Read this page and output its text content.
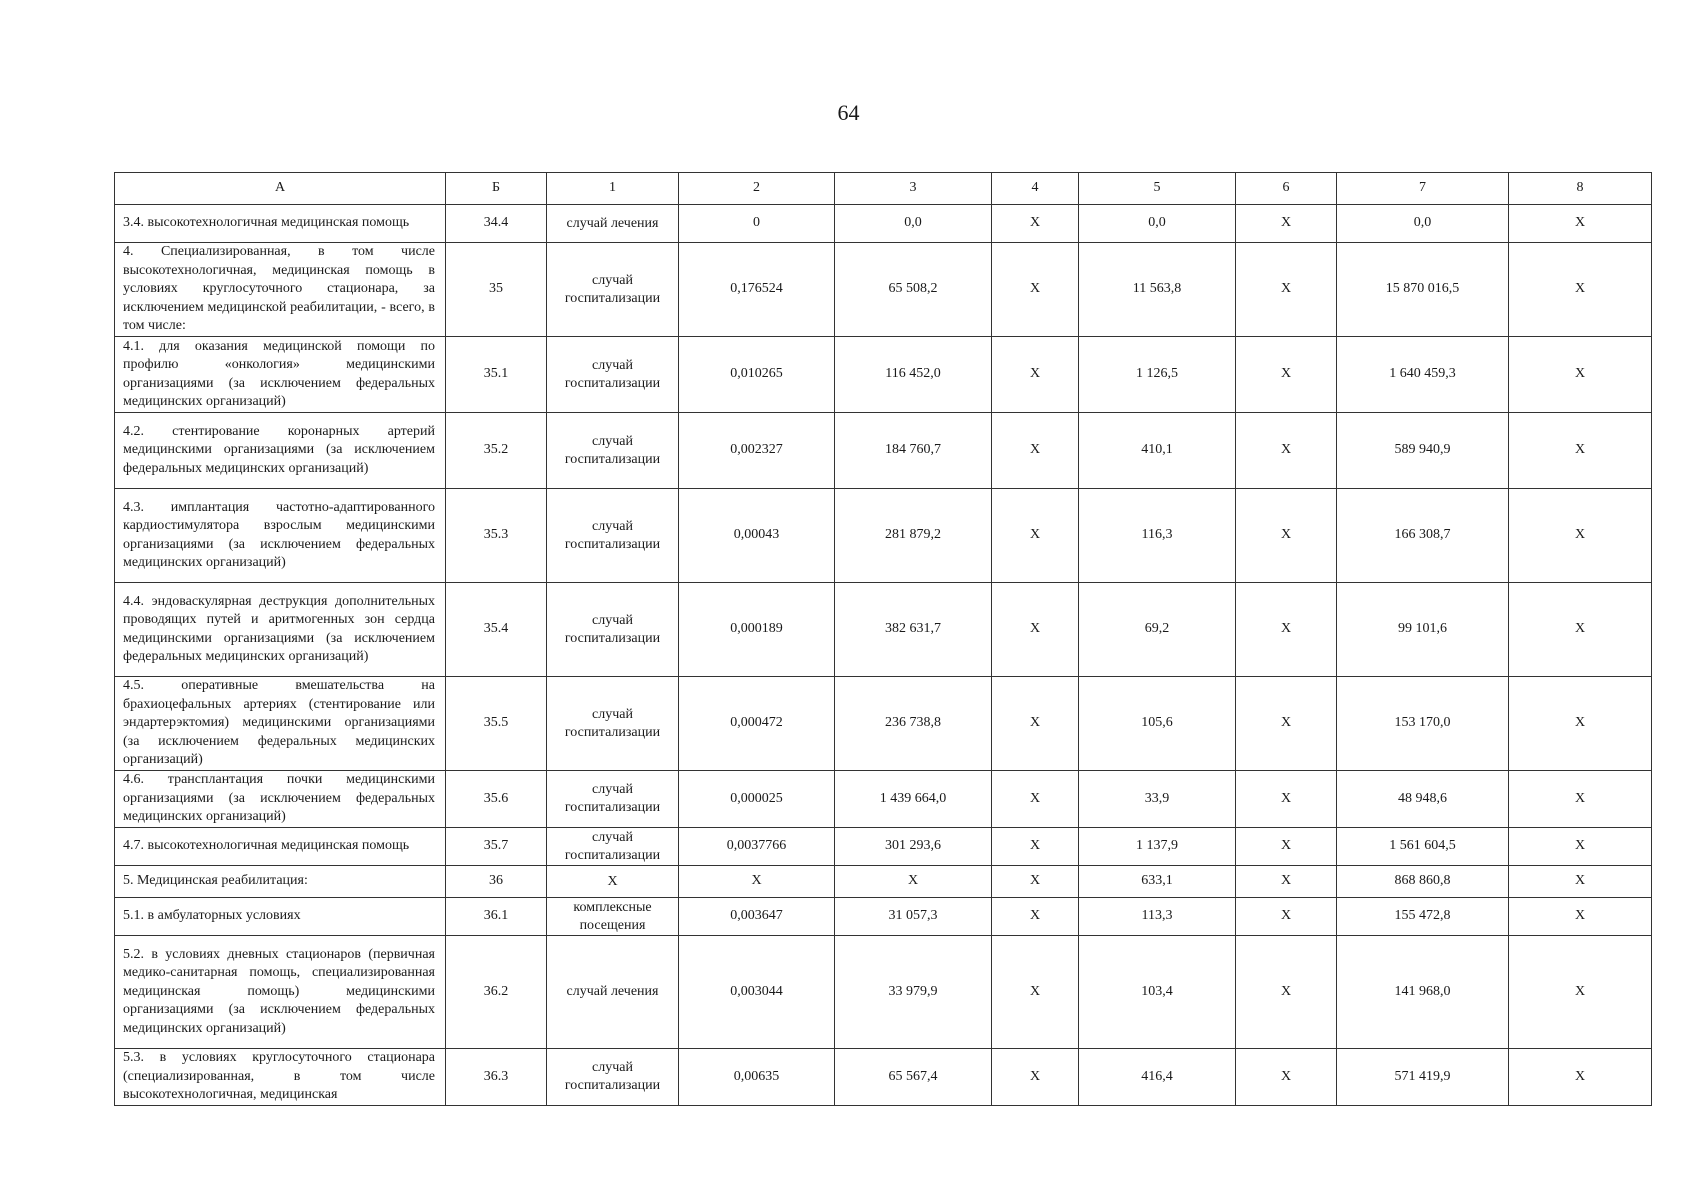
64
А	Б	1	2	3	4	5	6	7	8
3.4. высокотехнологичная медицинская помощь	34.4	случай лечения	0	0,0	Х	0,0	Х	0,0	Х
4. Специализированная, в том числе высокотехнологичная, медицинская помощь в условиях круглосуточного стационара, за исключением медицинской реабилитации, - всего, в том числе:	35	случай госпитализации	0,176524	65 508,2	Х	11 563,8	Х	15 870 016,5	Х
4.1. для оказания медицинской помощи по профилю «онкология» медицинскими организациями (за исключением федеральных медицинских организаций)	35.1	случай госпитализации	0,010265	116 452,0	Х	1 126,5	Х	1 640 459,3	Х
4.2. стентирование коронарных артерий медицинскими организациями (за исключением федеральных медицинских организаций)	35.2	случай госпитализации	0,002327	184 760,7	Х	410,1	Х	589 940,9	Х
4.3. имплантация частотно-адаптированного кардиостимулятора взрослым медицинскими организациями (за исключением федеральных медицинских организаций)	35.3	случай госпитализации	0,00043	281 879,2	Х	116,3	Х	166 308,7	Х
4.4. эндоваскулярная деструкция дополнительных проводящих путей и аритмогенных зон сердца медицинскими организациями (за исключением федеральных медицинских организаций)	35.4	случай госпитализации	0,000189	382 631,7	Х	69,2	Х	99 101,6	Х
4.5. оперативные вмешательства на брахиоцефальных артериях (стентирование или эндартерэктомия) медицинскими организациями (за исключением федеральных медицинских организаций)	35.5	случай госпитализации	0,000472	236 738,8	Х	105,6	Х	153 170,0	Х
4.6. трансплантация почки медицинскими организациями (за исключением федеральных медицинских организаций)	35.6	случай госпитализации	0,000025	1 439 664,0	Х	33,9	Х	48 948,6	Х
4.7. высокотехнологичная медицинская помощь	35.7	случай госпитализации	0,0037766	301 293,6	Х	1 137,9	Х	1 561 604,5	Х
5. Медицинская реабилитация:	36	Х	Х	Х	Х	633,1	Х	868 860,8	Х
5.1. в амбулаторных условиях	36.1	комплексные посещения	0,003647	31 057,3	Х	113,3	Х	155 472,8	Х
5.2. в условиях дневных стационаров (первичная медико-санитарная помощь, специализированная медицинская помощь) медицинскими организациями (за исключением федеральных медицинских организаций)	36.2	случай лечения	0,003044	33 979,9	Х	103,4	Х	141 968,0	Х
5.3. в условиях круглосуточного стационара (специализированная, в том числе высокотехнологичная, медицинская	36.3	случай госпитализации	0,00635	65 567,4	Х	416,4	Х	571 419,9	Х
